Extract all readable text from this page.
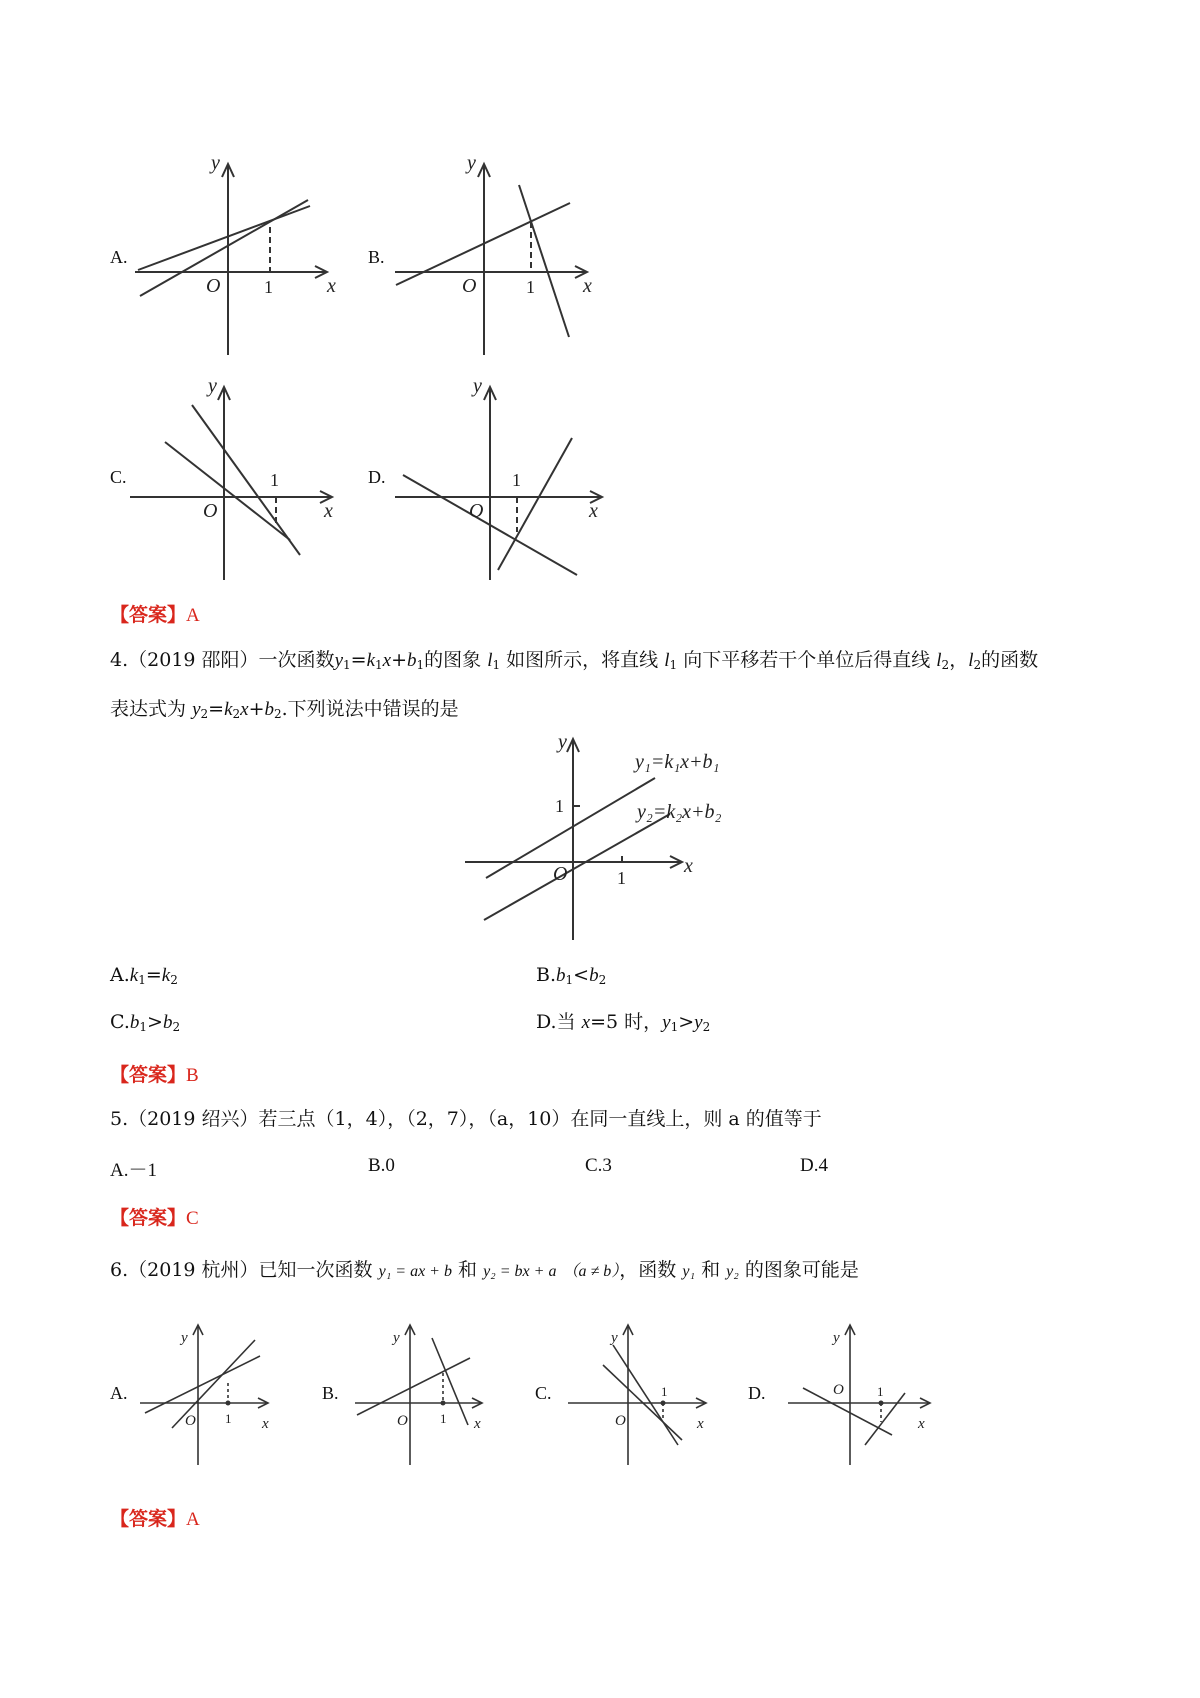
A.
y
x
O 1
B.
y
x
O	1
C.
y
x
O
1	D.
y
x
O
1
【答案】A
4.（2019 邵阳）一次函数$y_1=k_1x+b_1$的图象 $l_1$ 如图所示，将直线 $l_1$ 向下平移若干个单位后得直线 $l_2$，$l_2$的函数
表达式为 $y_2=k_2x+b_2$.下列说法中错误的是
y
x
O
1
1
y₁=k₁x+b₁
y₂=k₂x+b₂
$A.k_1=k_2$	$B.b_1<b_2$
$C.b_1>b_2$	D.当 x=5 时，$y_1>y_2$
【答案】B
5.（2019 绍兴）若三点（1，4），（2，7），（a，10）在同一直线上，则 a 的值等于
A.－1	B.0	C.3	D.4
【答案】C
6.（2019 杭州）已知一次函数 y₁ = ax + b 和 y₂ = bx + a （a ≠ b），函数 y₁ 和 y₂ 的图象可能是
A.
y
x
O 1
B.
y
x
O 1
C.
y
x
O
1	D.
y
x
O	1
【答案】A
